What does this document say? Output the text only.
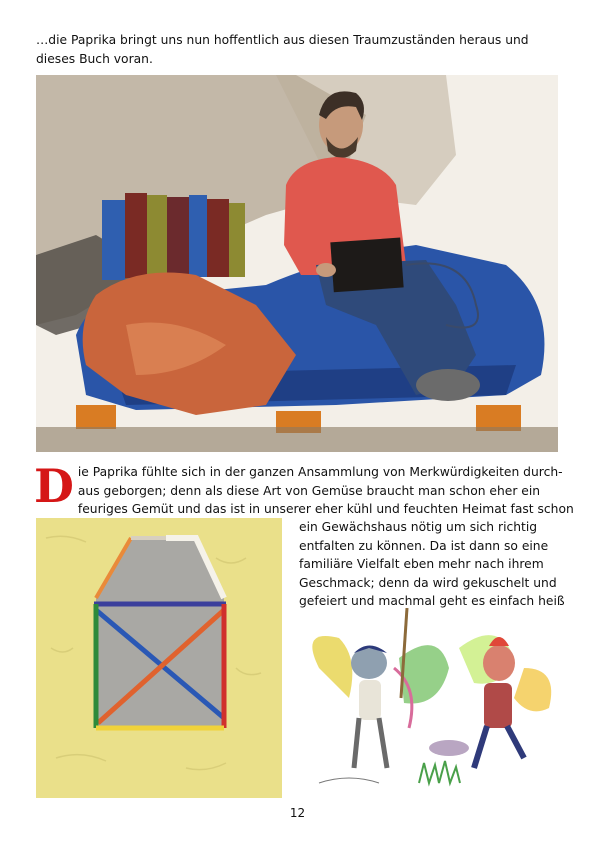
…die Paprika bringt uns nun hoffentlich aus diesen Traumzuständen heraus und dieses Buch voran.

D ie Paprika fühlte sich in der ganzen Ansammlung von Merkwürdigkeiten durch-
aus geborgen; denn als diese Art von Gemüse braucht man schon eher ein
feuriges Gemüt und das ist in unserer eher kühl und feuchten Heimat fast schon

ein Gewächshaus nötig um sich richtig
entfalten zu können. Da ist dann so eine
familiäre Vielfalt eben mehr nach ihrem
Geschmack; denn da wird gekuschelt und
gefeiert und machmal geht es einfach heiß

12
